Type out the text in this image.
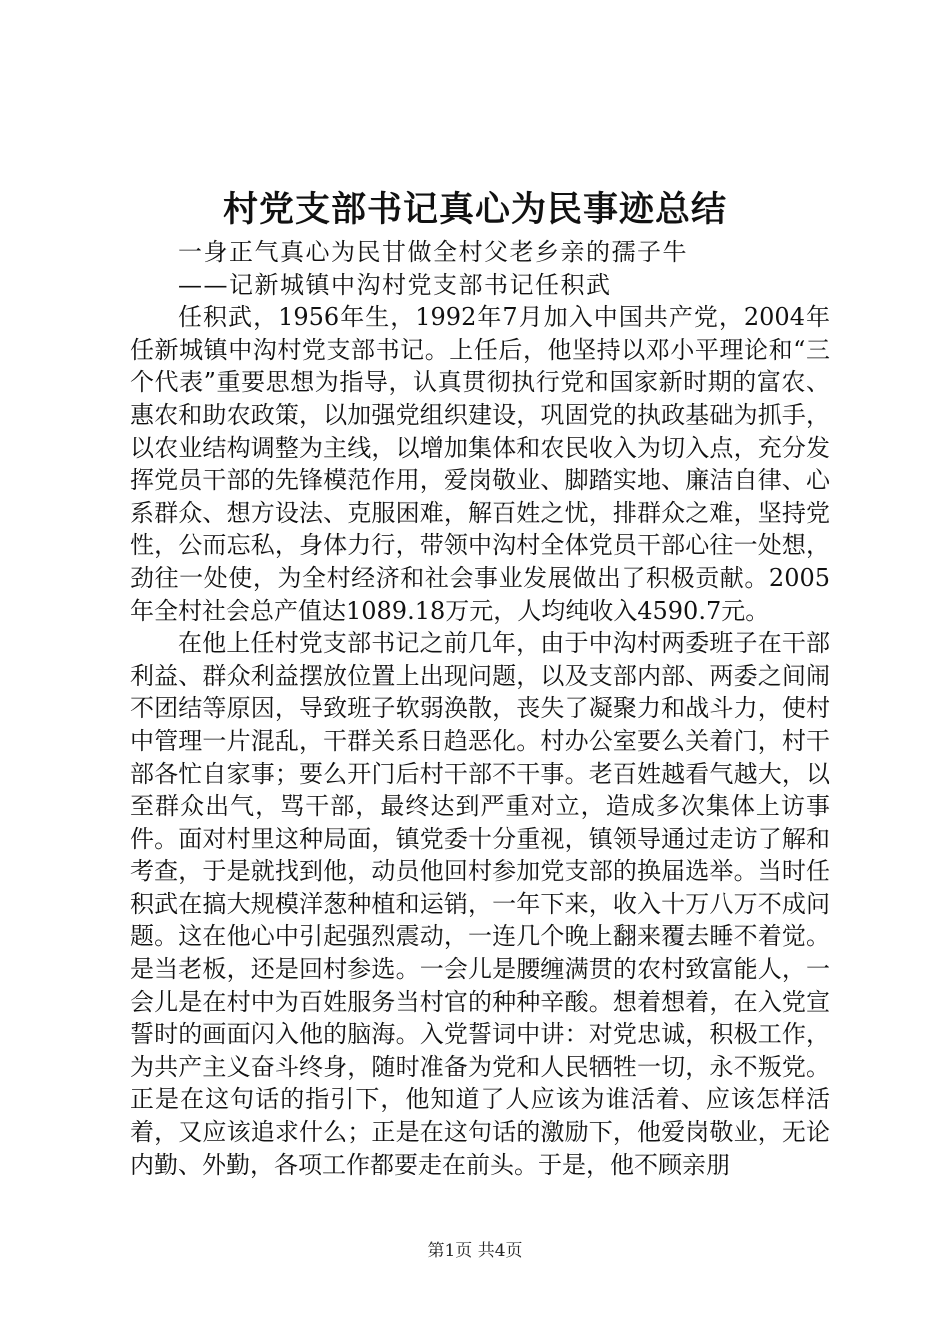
村党支部书记真心为民事迹总结

一身正气真心为民甘做全村父老乡亲的孺子牛

——记新城镇中沟村党支部书记任积武

任积武，1956年生，1992年7月加入中国共产党，2004年任新城镇中沟村党支部书记。上任后，他坚持以邓小平理论和“三个代表”重要思想为指导，认真贯彻执行党和国家新时期的富农、惠农和助农政策，以加强党组织建设，巩固党的执政基础为抓手，以农业结构调整为主线，以增加集体和农民收入为切入点，充分发挥党员干部的先锋模范作用，爱岗敬业、脚踏实地、廉洁自律、心系群众、想方设法、克服困难，解百姓之忧，排群众之难，坚持党性，公而忘私，身体力行，带领中沟村全体党员干部心往一处想，劲往一处使，为全村经济和社会事业发展做出了积极贡献。2005年全村社会总产值达1089.18万元，人均纯收入4590.7元。

在他上任村党支部书记之前几年，由于中沟村两委班子在干部利益、群众利益摆放位置上出现问题，以及支部内部、两委之间闹不团结等原因，导致班子软弱涣散，丧失了凝聚力和战斗力，使村中管理一片混乱，干群关系日趋恶化。村办公室要么关着门，村干部各忙自家事；要么开门后村干部不干事。老百姓越看气越大，以至群众出气，骂干部，最终达到严重对立，造成多次集体上访事件。面对村里这种局面，镇党委十分重视，镇领导通过走访了解和考查，于是就找到他，动员他回村参加党支部的换届选举。当时任积武在搞大规模洋葱种植和运销，一年下来，收入十万八万不成问题。这在他心中引起强烈震动，一连几个晚上翻来覆去睡不着觉。是当老板，还是回村参选。一会儿是腰缠满贯的农村致富能人，一会儿是在村中为百姓服务当村官的种种辛酸。想着想着，在入党宣誓时的画面闪入他的脑海。入党誓词中讲：对党忠诚，积极工作，为共产主义奋斗终身，随时准备为党和人民牺牲一切，永不叛党。正是在这句话的指引下，他知道了人应该为谁活着、应该怎样活着，又应该追求什么；正是在这句话的激励下，他爱岗敬业，无论内勤、外勤，各项工作都要走在前头。于是，他不顾亲朋

第1页 共4页
